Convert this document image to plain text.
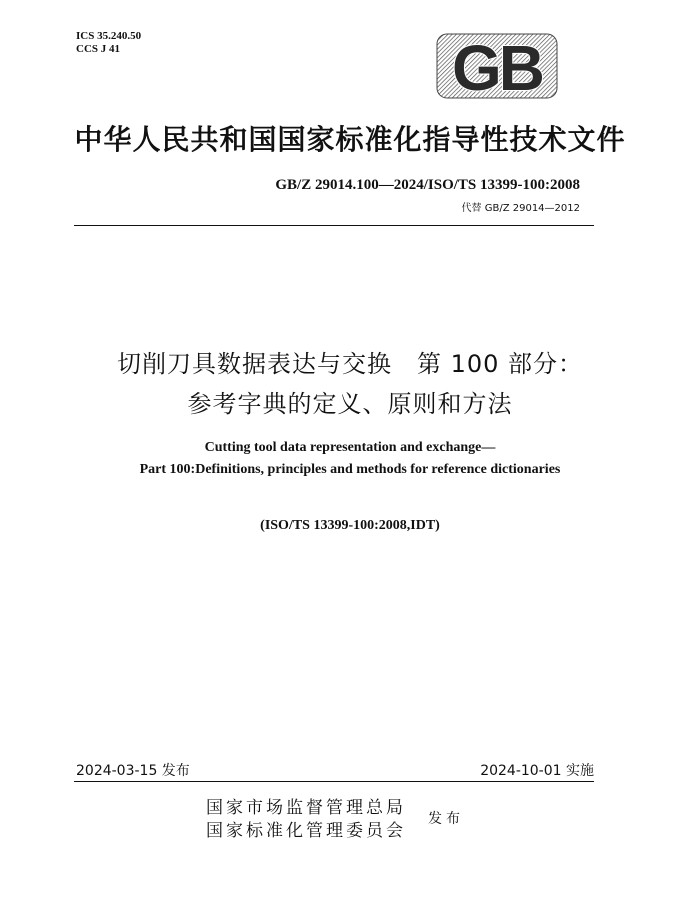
ICS 35.240.50
CCS J 41	GB
中华人民共和国国家标准化指导性技术文件
GB/Z 29014.100—2024/ISO/TS 13399-100:2008
代替 GB/Z 29014—2012
切削刀具数据表达与交换　第 100 部分：
参考字典的定义、原则和方法
Cutting tool data representation and exchange—
Part 100:Definitions, principles and methods for reference dictionaries
(ISO/TS 13399-100:2008,IDT)
2024-03-15 发布	2024-10-01 实施
国家市场监督管理总局
国家标准化管理委员会
发布
